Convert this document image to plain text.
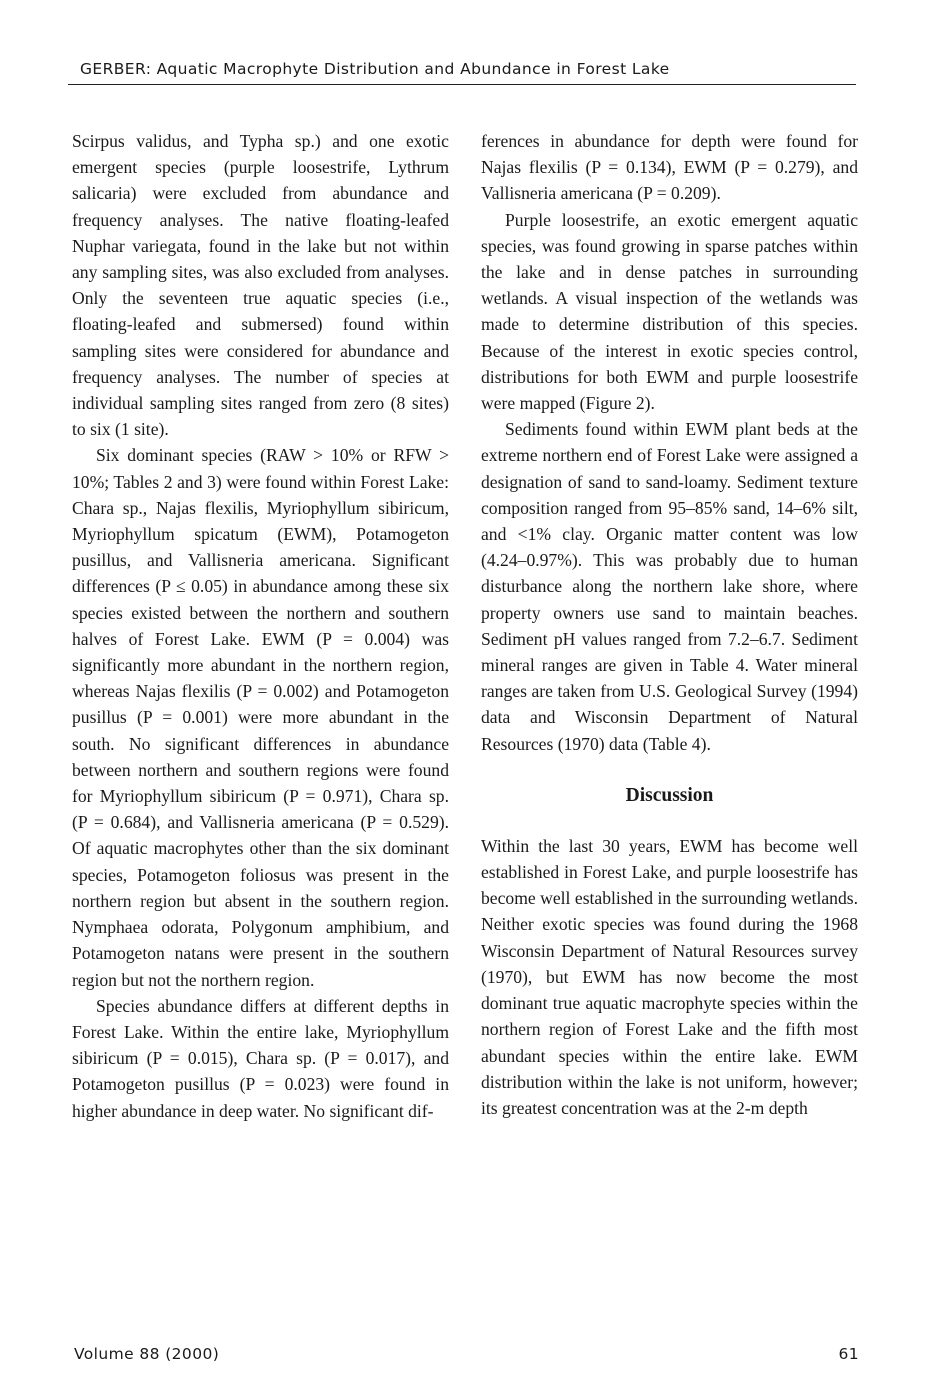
GERBER: Aquatic Macrophyte Distribution and Abundance in Forest Lake

Scirpus validus, and Typha sp.) and one exotic emergent species (purple loosestrife, Lythrum salicaria) were excluded from abundance and frequency analyses. The native floating-leafed Nuphar variegata, found in the lake but not within any sampling sites, was also excluded from analyses. Only the seventeen true aquatic species (i.e., floating-leafed and submersed) found within sampling sites were considered for abundance and frequency analyses. The number of species at individual sampling sites ranged from zero (8 sites) to six (1 site).

Six dominant species (RAW > 10% or RFW > 10%; Tables 2 and 3) were found within Forest Lake: Chara sp., Najas flexilis, Myriophyllum sibiricum, Myriophyllum spicatum (EWM), Potamogeton pusillus, and Vallisneria americana. Significant differences (P ≤ 0.05) in abundance among these six species existed between the northern and southern halves of Forest Lake. EWM (P = 0.004) was significantly more abundant in the northern region, whereas Najas flexilis (P = 0.002) and Potamogeton pusillus (P = 0.001) were more abundant in the south. No significant differences in abundance between northern and southern regions were found for Myriophyllum sibiricum (P = 0.971), Chara sp. (P = 0.684), and Vallisneria americana (P = 0.529). Of aquatic macrophytes other than the six dominant species, Potamogeton foliosus was present in the northern region but absent in the southern region. Nymphaea odorata, Polygonum amphibium, and Potamogeton natans were present in the southern region but not the northern region.

Species abundance differs at different depths in Forest Lake. Within the entire lake, Myriophyllum sibiricum (P = 0.015), Chara sp. (P = 0.017), and Potamogeton pusillus (P = 0.023) were found in higher abundance in deep water. No significant dif-

ferences in abundance for depth were found for Najas flexilis (P = 0.134), EWM (P = 0.279), and Vallisneria americana (P = 0.209).

Purple loosestrife, an exotic emergent aquatic species, was found growing in sparse patches within the lake and in dense patches in surrounding wetlands. A visual inspection of the wetlands was made to determine distribution of this species. Because of the interest in exotic species control, distributions for both EWM and purple loosestrife were mapped (Figure 2).

Sediments found within EWM plant beds at the extreme northern end of Forest Lake were assigned a designation of sand to sand-loamy. Sediment texture composition ranged from 95–85% sand, 14–6% silt, and <1% clay. Organic matter content was low (4.24–0.97%). This was probably due to human disturbance along the northern lake shore, where property owners use sand to maintain beaches. Sediment pH values ranged from 7.2–6.7. Sediment mineral ranges are given in Table 4. Water mineral ranges are taken from U.S. Geological Survey (1994) data and Wisconsin Department of Natural Resources (1970) data (Table 4).

Discussion

Within the last 30 years, EWM has become well established in Forest Lake, and purple loosestrife has become well established in the surrounding wetlands. Neither exotic species was found during the 1968 Wisconsin Department of Natural Resources survey (1970), but EWM has now become the most dominant true aquatic macrophyte species within the northern region of Forest Lake and the fifth most abundant species within the entire lake. EWM distribution within the lake is not uniform, however; its greatest concentration was at the 2-m depth

Volume 88 (2000)	61
